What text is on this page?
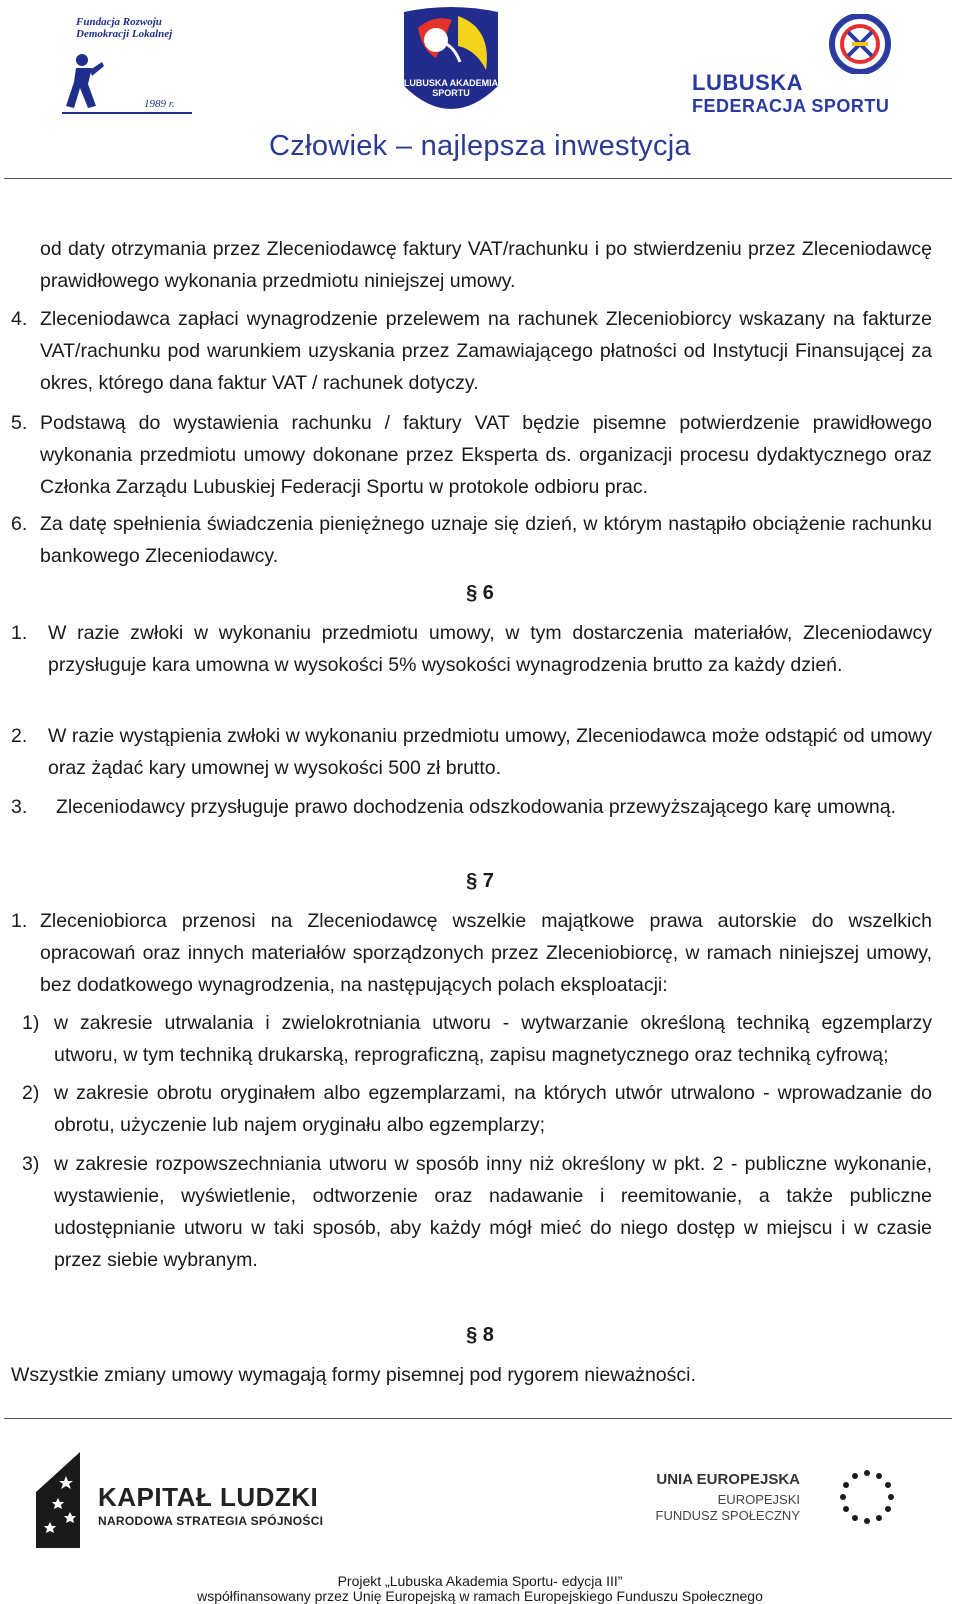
Fundacja Rozwoju Demokracji Lokalnej
1989 r.
LUBUSKA AKADEMIA SPORTU	LUBUSKA
FEDERACJA SPORTU
Człowiek – najlepsza inwestycja
od daty otrzymania przez Zleceniodawcę faktury VAT/rachunku i po stwierdzeniu przez Zleceniodawcę prawidłowego wykonania przedmiotu niniejszej umowy.
4. Zleceniodawca zapłaci wynagrodzenie przelewem na rachunek Zleceniobiorcy wskazany na fakturze VAT/rachunku pod warunkiem uzyskania przez Zamawiającego płatności od Instytucji Finansującej za okres, którego dana faktur VAT / rachunek dotyczy.
5. Podstawą do wystawienia rachunku / faktury VAT będzie pisemne potwierdzenie prawidłowego wykonania przedmiotu umowy dokonane przez Eksperta ds. organizacji procesu dydaktycznego oraz Członka Zarządu Lubuskiej Federacji Sportu w protokole odbioru prac.
6. Za datę spełnienia świadczenia pieniężnego uznaje się dzień, w którym nastąpiło obciążenie rachunku bankowego Zleceniodawcy.
§ 6
1. W razie zwłoki w wykonaniu przedmiotu umowy, w tym dostarczenia materiałów, Zleceniodawcy przysługuje kara umowna w wysokości 5% wysokości wynagrodzenia brutto za każdy dzień.
2. W razie wystąpienia zwłoki w wykonaniu przedmiotu umowy, Zleceniodawca może odstąpić od umowy oraz żądać kary umownej w wysokości 500 zł brutto.
3. Zleceniodawcy przysługuje prawo dochodzenia odszkodowania przewyższającego karę umowną.
§ 7
1. Zleceniobiorca przenosi na Zleceniodawcę wszelkie majątkowe prawa autorskie do wszelkich opracowań oraz innych materiałów sporządzonych przez Zleceniobiorcę, w ramach niniejszej umowy, bez dodatkowego wynagrodzenia, na następujących polach eksploatacji:
1) w zakresie utrwalania i zwielokrotniania utworu - wytwarzanie określoną techniką egzemplarzy utworu, w tym techniką drukarską, reprograficzną, zapisu magnetycznego oraz techniką cyfrową;
2) w zakresie obrotu oryginałem albo egzemplarzami, na których utwór utrwalono - wprowadzanie do obrotu, użyczenie lub najem oryginału albo egzemplarzy;
3) w zakresie rozpowszechniania utworu w sposób inny niż określony w pkt. 2 - publiczne wykonanie, wystawienie, wyświetlenie, odtworzenie oraz nadawanie i reemitowanie, a także publiczne udostępnianie utworu w taki sposób, aby każdy mógł mieć do niego dostęp w miejscu i w czasie przez siebie wybranym.
§ 8
Wszystkie zmiany umowy wymagają formy pisemnej pod rygorem nieważności.
KAPITAŁ LUDZKI
NARODOWA STRATEGIA SPÓJNOŚCI
UNIA EUROPEJSKA
EUROPEJSKI
FUNDUSZ SPOŁECZNY
Projekt „Lubuska Akademia Sportu- edycja III”
współfinansowany przez Unię Europejską w ramach Europejskiego Funduszu Społecznego
